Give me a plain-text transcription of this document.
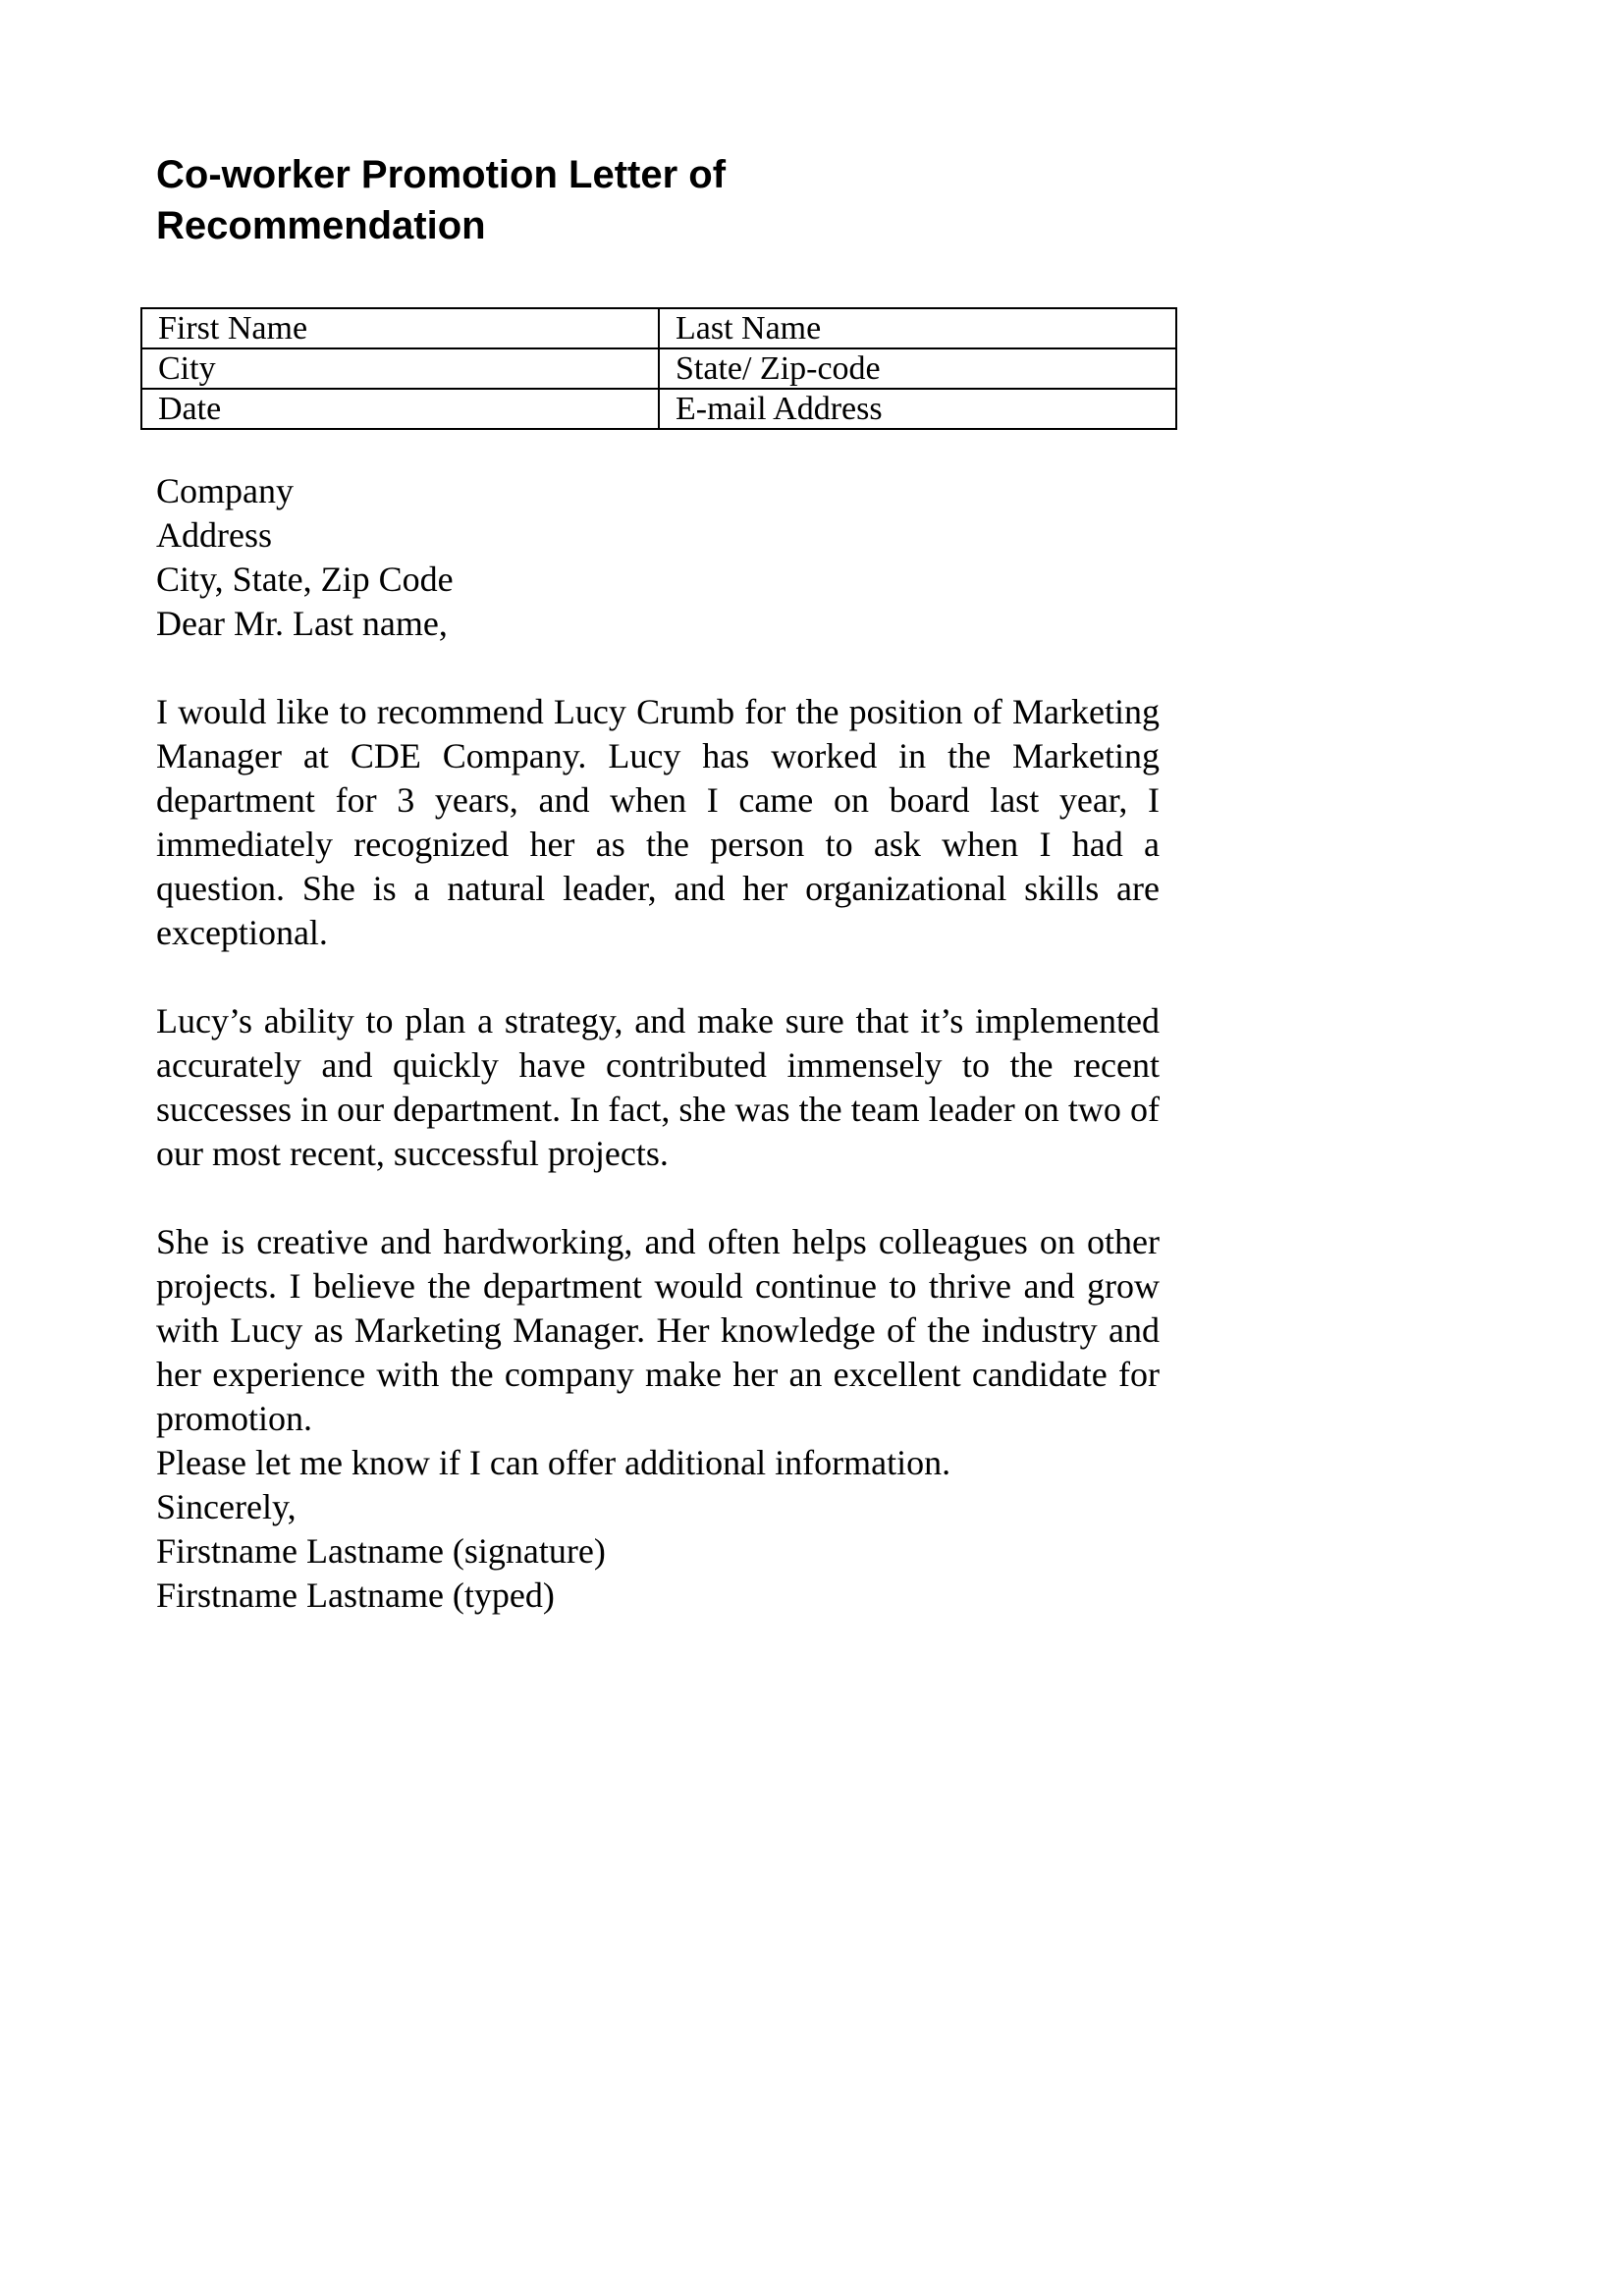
Co-worker Promotion Letter of
Recommendation
First Name	Last Name
City	State/ Zip-code
Date	E-mail Address
Company
Address
City, State, Zip Code
Dear Mr. Last name,

I would like to recommend Lucy Crumb for the position of Marketing Manager at CDE Company. Lucy has worked in the Marketing department for 3 years, and when I came on board last year, I immediately recognized her as the person to ask when I had a question. She is a natural leader, and her organizational skills are exceptional.

Lucy’s ability to plan a strategy, and make sure that it’s implemented accurately and quickly have contributed immensely to the recent successes in our department. In fact, she was the team leader on two of our most recent, successful projects.

She is creative and hardworking, and often helps colleagues on other projects. I believe the department would continue to thrive and grow with Lucy as Marketing Manager. Her knowledge of the industry and her experience with the company make her an excellent candidate for promotion.

Please let me know if I can offer additional information.
Sincerely,
Firstname Lastname (signature)
Firstname Lastname (typed)
